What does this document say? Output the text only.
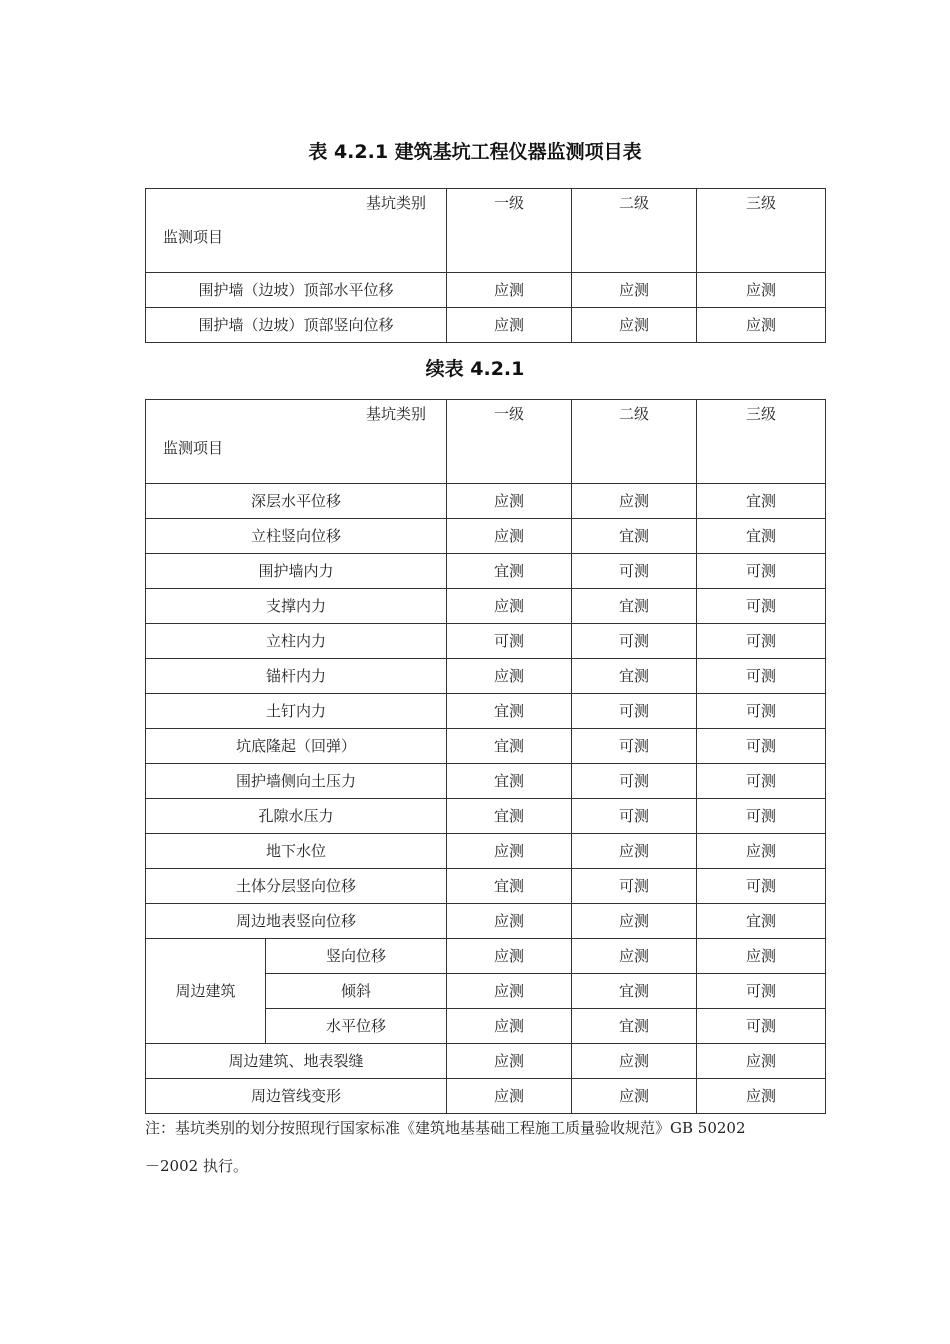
表 4.2.1 建筑基坑工程仪器监测项目表
基坑类别
监测项目	一级	二级	三级
围护墙（边坡）顶部水平位移	应测	应测	应测
围护墙（边坡）顶部竖向位移	应测	应测	应测
续表 4.2.1
基坑类别
监测项目		一级	二级	三级
深层水平位移		应测	应测	宜测
立柱竖向位移		应测	宜测	宜测
围护墙内力		宜测	可测	可测
支撑内力		应测	宜测	可测
立柱内力		可测	可测	可测
锚杆内力		应测	宜测	可测
土钉内力		宜测	可测	可测
坑底隆起（回弹）		宜测	可测	可测
围护墙侧向土压力		宜测	可测	可测
孔隙水压力		宜测	可测	可测
地下水位		应测	应测	应测
土体分层竖向位移		宜测	可测	可测
周边地表竖向位移		应测	应测	宜测
周边建筑	竖向位移	应测	应测	应测
	倾斜	应测	宜测	可测
	水平位移	应测	宜测	可测
周边建筑、地表裂缝		应测	应测	应测
周边管线变形		应测	应测	应测
注：基坑类别的划分按照现行国家标准《建筑地基基础工程施工质量验收规范》GB 50202
－2002 执行。
